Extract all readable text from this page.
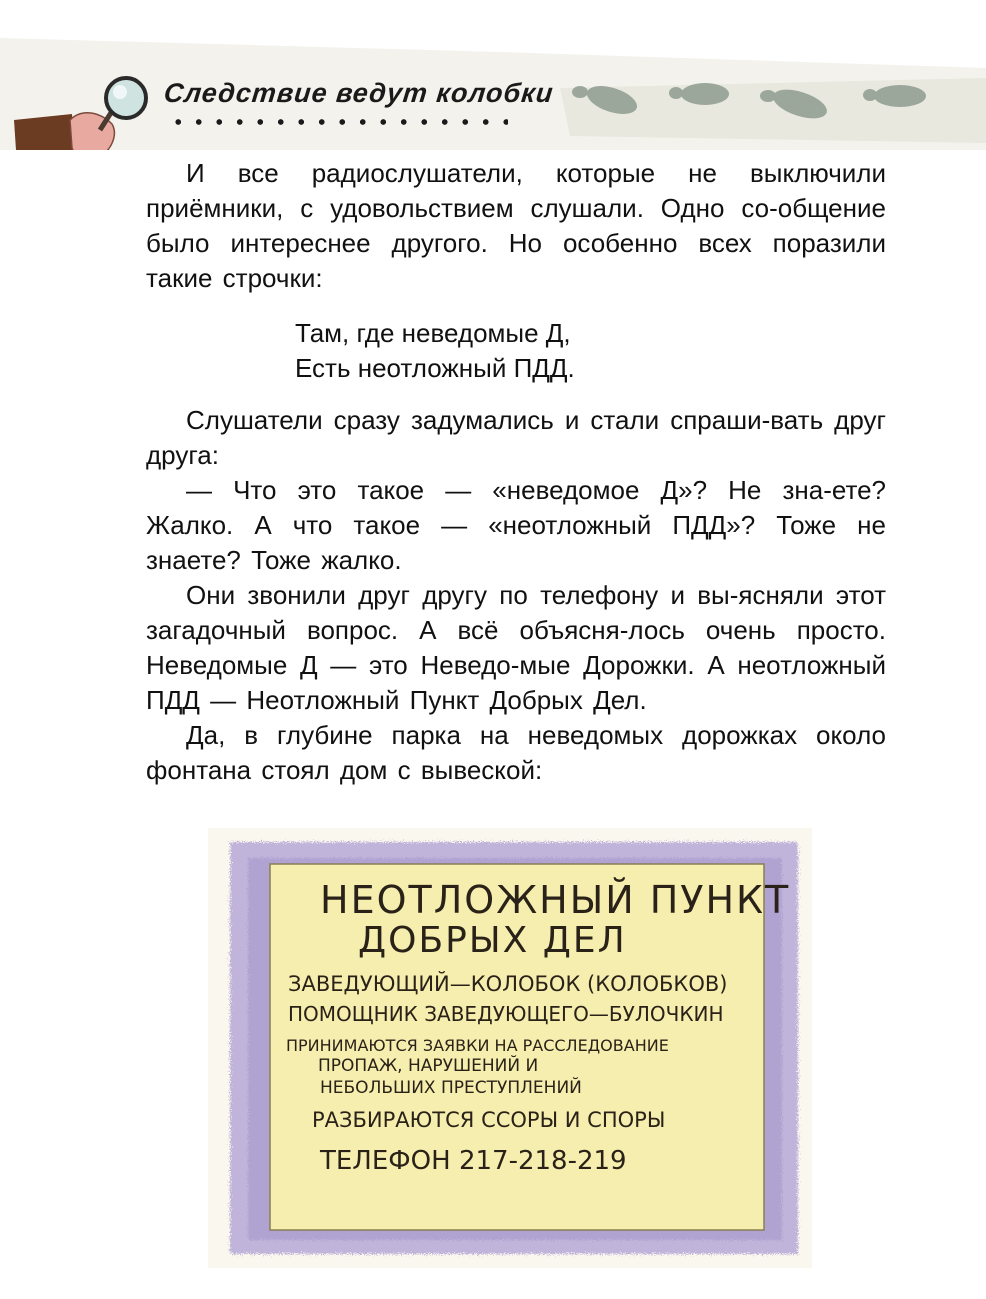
Следствие ведут колобки

И все радиослушатели, которые не выключили приёмники, с удовольствием слушали. Одно со-общение было интереснее другого. Но особенно всех поразили такие строчки:

Там, где неведомые Д,
Есть неотложный ПДД.

Слушатели сразу задумались и стали спраши-вать друг друга:

— Что это такое — «неведомое Д»? Не зна-ете? Жалко. А что такое — «неотложный ПДД»? Тоже не знаете? Тоже жалко.

Они звонили друг другу по телефону и вы-ясняли этот загадочный вопрос. А всё объясня-лось очень просто. Неведомые Д — это Неведо-мые Дорожки. А неотложный ПДД — Неотложный Пункт Добрых Дел.

Да, в глубине парка на неведомых дорожках около фонтана стоял дом с вывеской:

НЕОТЛОЖНЫЙ ПУНКТ
ДОБРЫХ ДЕЛ
ЗАВЕДУЮЩИЙ—КОЛОБОК (КОЛОБКОВ)
ПОМОЩНИК ЗАВЕДУЮЩЕГО—БУЛОЧКИН
ПРИНИМАЮТСЯ ЗАЯВКИ НА РАССЛЕДОВАНИЕ
ПРОПАЖ, НАРУШЕНИЙ И
НЕБОЛЬШИХ ПРЕСТУПЛЕНИЙ
РАЗБИРАЮТСЯ ССОРЫ И СПОРЫ
ТЕЛЕФОН 217-218-219
